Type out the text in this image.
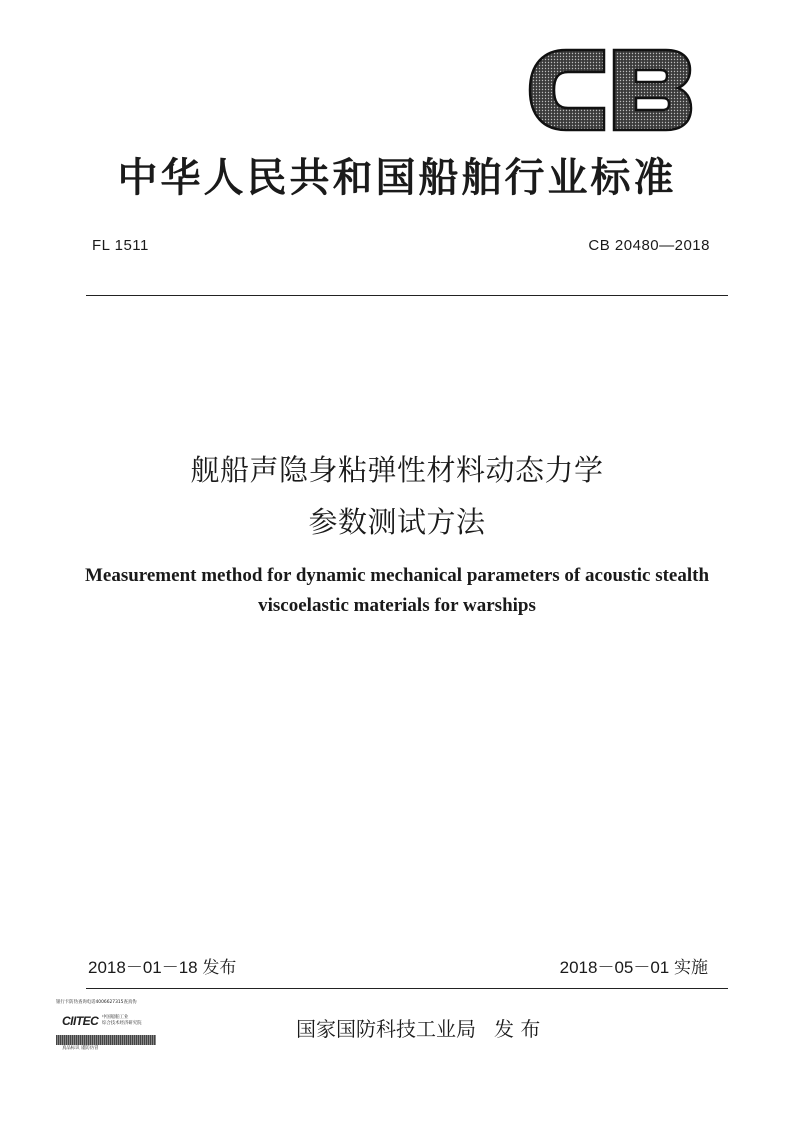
中华人民共和国船舶行业标准
FL 1511	CB 20480—2018
舰船声隐身粘弹性材料动态力学
参数测试方法
Measurement method for dynamic mechanical parameters of acoustic stealth
viscoelastic materials for warships
2018－01－18 发布	2018－05－01 实施
银行卡防伪查询电话4006627315查真伪
CIITEC 中国船舶工业
综合技术经济研究院
真品标识 谨防仿冒
国家国防科技工业局 发 布
